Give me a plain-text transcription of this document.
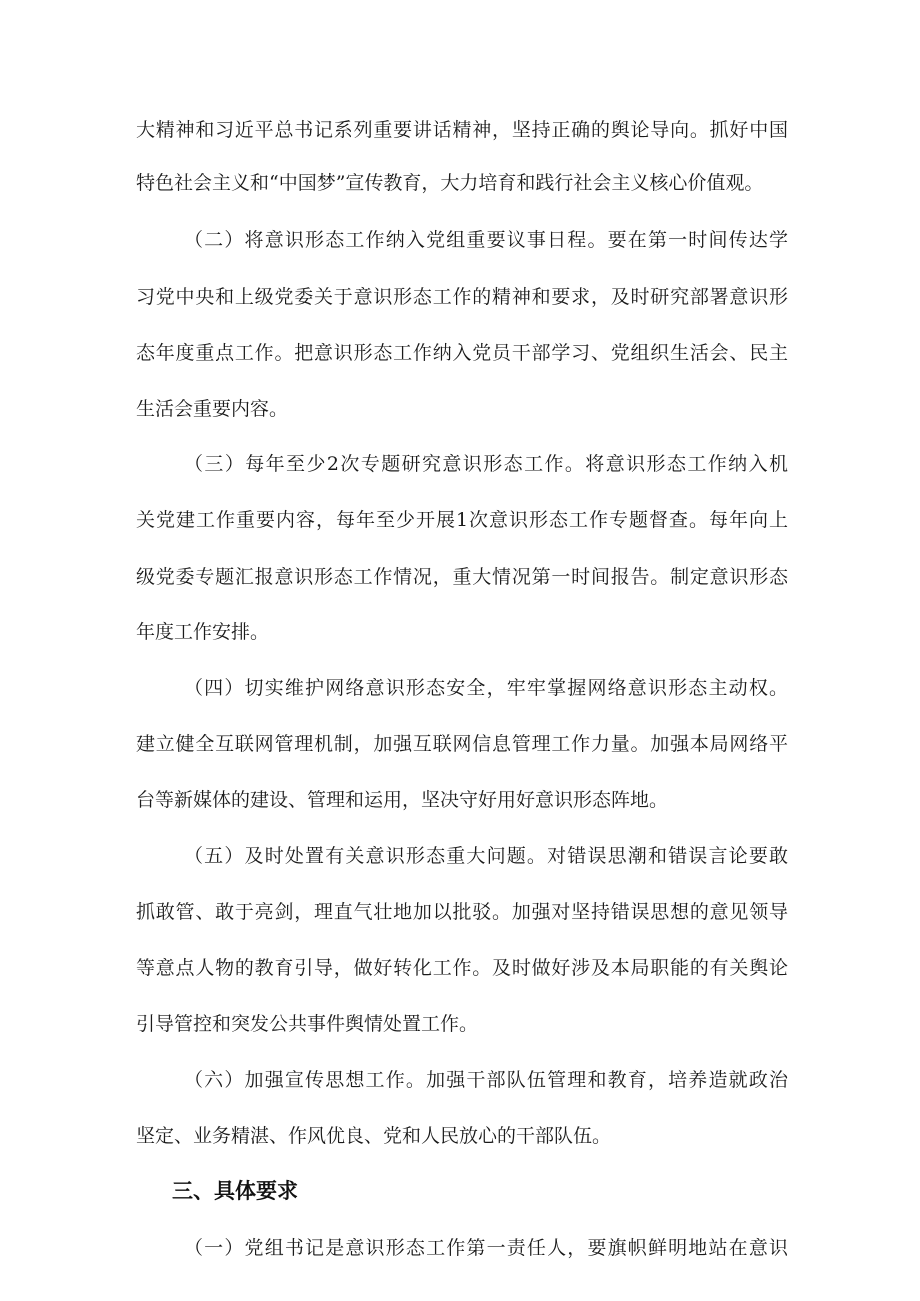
大精神和习近平总书记系列重要讲话精神，坚持正确的舆论导向。抓好中国
特色社会主义和“中国梦”宣传教育，大力培育和践行社会主义核心价值观。
（二）将意识形态工作纳入党组重要议事日程。要在第一时间传达学
习党中央和上级党委关于意识形态工作的精神和要求，及时研究部署意识形
态年度重点工作。把意识形态工作纳入党员干部学习、党组织生活会、民主
生活会重要内容。
（三）每年至少2次专题研究意识形态工作。将意识形态工作纳入机
关党建工作重要内容，每年至少开展1次意识形态工作专题督查。每年向上
级党委专题汇报意识形态工作情况，重大情况第一时间报告。制定意识形态
年度工作安排。
（四）切实维护网络意识形态安全，牢牢掌握网络意识形态主动权。
建立健全互联网管理机制，加强互联网信息管理工作力量。加强本局网络平
台等新媒体的建设、管理和运用，坚决守好用好意识形态阵地。
（五）及时处置有关意识形态重大问题。对错误思潮和错误言论要敢
抓敢管、敢于亮剑，理直气壮地加以批驳。加强对坚持错误思想的意见领导
等意点人物的教育引导，做好转化工作。及时做好涉及本局职能的有关舆论
引导管控和突发公共事件舆情处置工作。
（六）加强宣传思想工作。加强干部队伍管理和教育，培养造就政治
坚定、业务精湛、作风优良、党和人民放心的干部队伍。
三、具体要求
（一）党组书记是意识形态工作第一责任人，要旗帜鲜明地站在意识
